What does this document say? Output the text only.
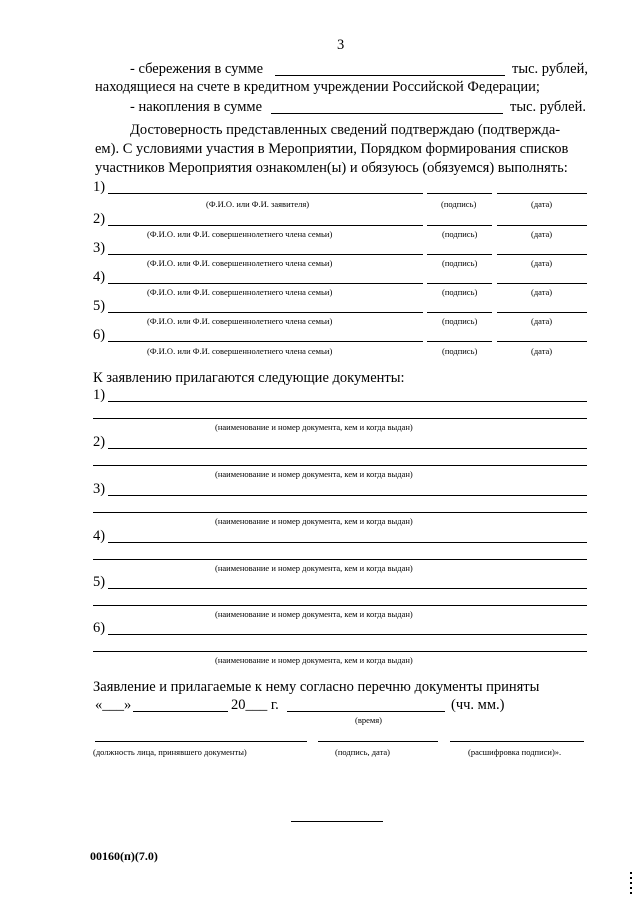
3
- сбережения в сумме	тыс. рублей,
находящиеся на счете в кредитном учреждении Российской Федерации;
- накопления в сумме	тыс. рублей.
Достоверность представленных сведений подтверждаю (подтвержда-
ем). С условиями участия в Мероприятии, Порядком формирования списков
участников Мероприятия ознакомлен(ы) и обязуюсь (обязуемся) выполнять:
1)
(Ф.И.О. или Ф.И. заявителя)	(подпись)	(дата)
2)
(Ф.И.О. или Ф.И. совершеннолетнего члена семьи)	(подпись)	(дата)
3)
(Ф.И.О. или Ф.И. совершеннолетнего члена семьи)	(подпись)	(дата)
4)
(Ф.И.О. или Ф.И. совершеннолетнего члена семьи)	(подпись)	(дата)
5)
(Ф.И.О. или Ф.И. совершеннолетнего члена семьи)	(подпись)	(дата)
6)
(Ф.И.О. или Ф.И. совершеннолетнего члена семьи)	(подпись)	(дата)
К заявлению прилагаются следующие документы:
1)
(наименование и номер документа, кем и когда выдан)
2)
(наименование и номер документа, кем и когда выдан)
3)
(наименование и номер документа, кем и когда выдан)
4)
(наименование и номер документа, кем и когда выдан)
5)
(наименование и номер документа, кем и когда выдан)
6)
(наименование и номер документа, кем и когда выдан)
Заявление и прилагаемые к нему согласно перечню документы приняты
«___»	20___ г.	(чч. мм.)
(время)
(должность лица, принявшего документы)	(подпись, дата)	(расшифровка подписи)».
00160(п)(7.0)
